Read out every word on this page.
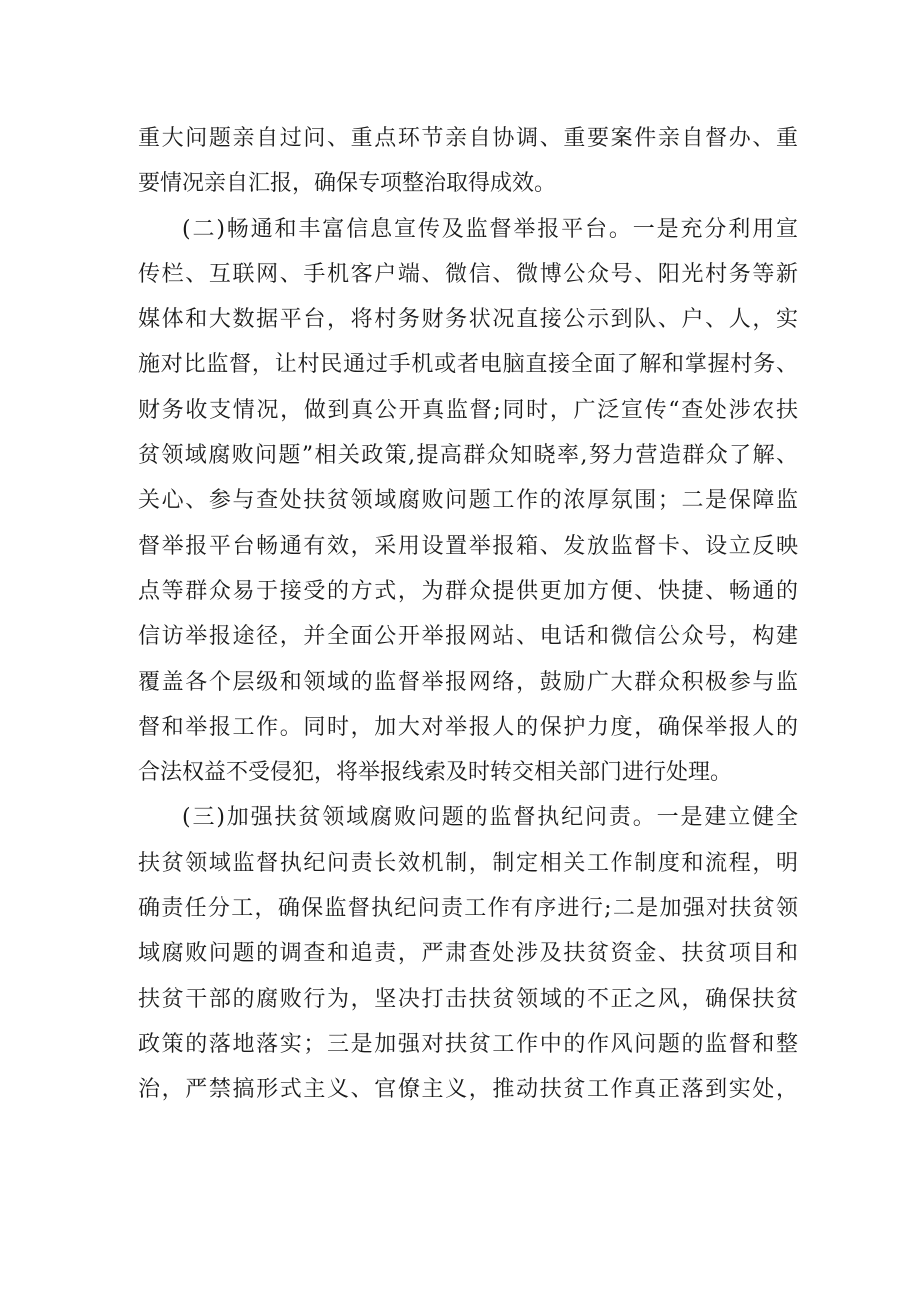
重大问题亲自过问、重点环节亲自协调、重要案件亲自督办、重
要情况亲自汇报，确保专项整治取得成效。
(二)畅通和丰富信息宣传及监督举报平台。一是充分利用宣
传栏、互联网、手机客户端、微信、微博公众号、阳光村务等新
媒体和大数据平台，将村务财务状况直接公示到队、户、人，实
施对比监督，让村民通过手机或者电脑直接全面了解和掌握村务、
财务收支情况，做到真公开真监督;同时，广泛宣传“查处涉农扶
贫领域腐败问题”相关政策,提高群众知晓率,努力营造群众了解、
关心、参与查处扶贫领域腐败问题工作的浓厚氛围；二是保障监
督举报平台畅通有效，采用设置举报箱、发放监督卡、设立反映
点等群众易于接受的方式，为群众提供更加方便、快捷、畅通的
信访举报途径，并全面公开举报网站、电话和微信公众号，构建
覆盖各个层级和领域的监督举报网络，鼓励广大群众积极参与监
督和举报工作。同时，加大对举报人的保护力度，确保举报人的
合法权益不受侵犯，将举报线索及时转交相关部门进行处理。
(三)加强扶贫领域腐败问题的监督执纪问责。一是建立健全
扶贫领域监督执纪问责长效机制，制定相关工作制度和流程，明
确责任分工，确保监督执纪问责工作有序进行;二是加强对扶贫领
域腐败问题的调查和追责，严肃查处涉及扶贫资金、扶贫项目和
扶贫干部的腐败行为，坚决打击扶贫领域的不正之风，确保扶贫
政策的落地落实；三是加强对扶贫工作中的作风问题的监督和整
治，严禁搞形式主义、官僚主义，推动扶贫工作真正落到实处，
